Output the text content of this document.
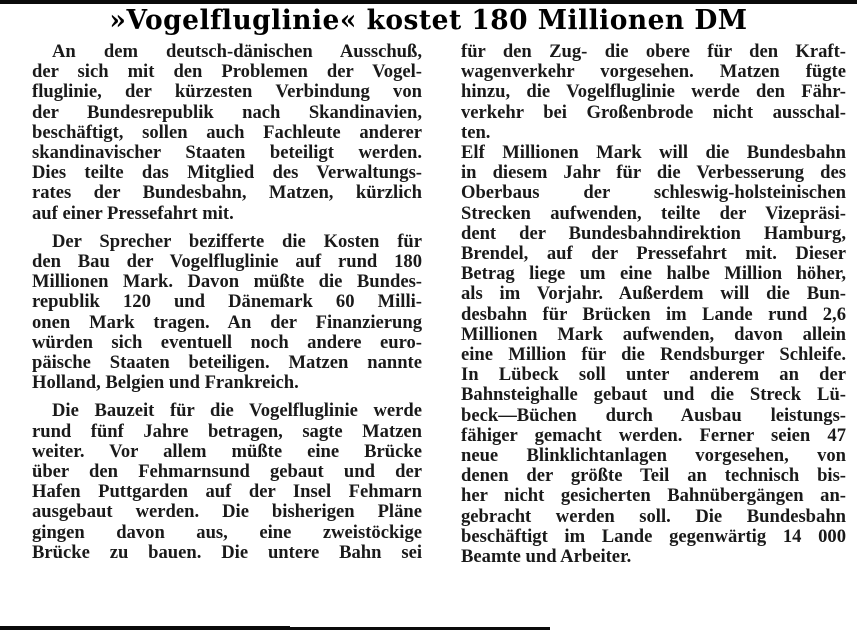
»Vogelfluglinie« kostet 180 Millionen DM
An dem deutsch-dänischen Ausschuß,
der sich mit den Problemen der Vogel-
fluglinie, der kürzesten Verbindung von
der Bundesrepublik nach Skandinavien,
beschäftigt, sollen auch Fachleute anderer
skandinavischer Staaten beteiligt werden.
Dies teilte das Mitglied des Verwaltungs-
rates der Bundesbahn, Matzen, kürzlich
auf einer Pressefahrt mit.
Der Sprecher bezifferte die Kosten für
den Bau der Vogelfluglinie auf rund 180
Millionen Mark. Davon müßte die Bundes-
republik 120 und Dänemark 60 Milli-
onen Mark tragen. An der Finanzierung
würden sich eventuell noch andere euro-
päische Staaten beteiligen. Matzen nannte
Holland, Belgien und Frankreich.
Die Bauzeit für die Vogelfluglinie werde
rund fünf Jahre betragen, sagte Matzen
weiter. Vor allem müßte eine Brücke
über den Fehmarnsund gebaut und der
Hafen Puttgarden auf der Insel Fehmarn
ausgebaut werden. Die bisherigen Pläne
gingen davon aus, eine zweistöckige
Brücke zu bauen. Die untere Bahn sei
für den Zug- die obere für den Kraft-
wagenverkehr vorgesehen. Matzen fügte
hinzu, die Vogelfluglinie werde den Fähr-
verkehr bei Großenbrode nicht ausschal-
ten.
Elf Millionen Mark will die Bundesbahn
in diesem Jahr für die Verbesserung des
Oberbaus der schleswig-holsteinischen
Strecken aufwenden, teilte der Vizepräsi-
dent der Bundesbahndirektion Hamburg,
Brendel, auf der Pressefahrt mit. Dieser
Betrag liege um eine halbe Million höher,
als im Vorjahr. Außerdem will die Bun-
desbahn für Brücken im Lande rund 2,6
Millionen Mark aufwenden, davon allein
eine Million für die Rendsburger Schleife.
In Lübeck soll unter anderem an der
Bahnsteighalle gebaut und die Streck Lü-
beck—Büchen durch Ausbau leistungs-
fähiger gemacht werden. Ferner seien 47
neue Blinklichtanlagen vorgesehen, von
denen der größte Teil an technisch bis-
her nicht gesicherten Bahnübergängen an-
gebracht werden soll. Die Bundesbahn
beschäftigt im Lande gegenwärtig 14 000
Beamte und Arbeiter.
